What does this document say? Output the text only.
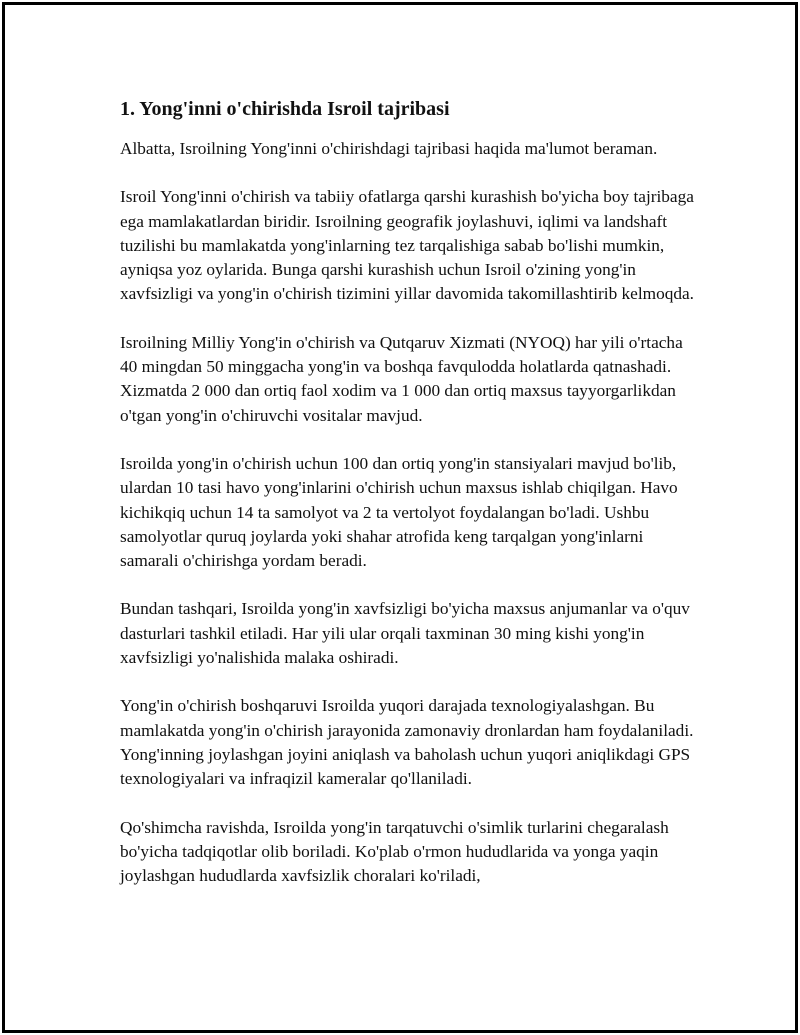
1. Yong'inni o'chirishda Isroil tajribasi

Albatta, Isroilning Yong'inni o'chirishdagi tajribasi haqida ma'lumot beraman.

Isroil Yong'inni o'chirish va tabiiy ofatlarga qarshi kurashish bo'yicha boy tajribaga ega mamlakatlardan biridir. Isroilning geografik joylashuvi, iqlimi va landshaft tuzilishi bu mamlakatda yong'inlarning tez tarqalishiga sabab bo'lishi mumkin, ayniqsa yoz oylarida. Bunga qarshi kurashish uchun Isroil o'zining yong'in xavfsizligi va yong'in o'chirish tizimini yillar davomida takomillashtirib kelmoqda.

Isroilning Milliy Yong'in o'chirish va Qutqaruv Xizmati (NYOQ) har yili o'rtacha 40 mingdan 50 minggacha yong'in va boshqa favqulodda holatlarda qatnashadi. Xizmatda 2 000 dan ortiq faol xodim va 1 000 dan ortiq maxsus tayyorgarlikdan o'tgan yong'in o'chiruvchi vositalar mavjud.

Isroilda yong'in o'chirish uchun 100 dan ortiq yong'in stansiyalari mavjud bo'lib, ulardan 10 tasi havo yong'inlarini o'chirish uchun maxsus ishlab chiqilgan. Havo kichikqiq uchun 14 ta samolyot va 2 ta vertolyot foydalangan bo'ladi. Ushbu samolyotlar quruq joylarda yoki shahar atrofida keng tarqalgan yong'inlarni samarali o'chirishga yordam beradi.

Bundan tashqari, Isroilda yong'in xavfsizligi bo'yicha maxsus anjumanlar va o'quv dasturlari tashkil etiladi. Har yili ular orqali taxminan 30 ming kishi yong'in xavfsizligi yo'nalishida malaka oshiradi.

Yong'in o'chirish boshqaruvi Isroilda yuqori darajada texnologiyalashgan. Bu mamlakatda yong'in o'chirish jarayonida zamonaviy dronlardan ham foydalaniladi. Yong'inning joylashgan joyini aniqlash va baholash uchun yuqori aniqlikdagi GPS texnologiyalari va infraqizil kameralar qo'llaniladi.

Qo'shimcha ravishda, Isroilda yong'in tarqatuvchi o'simlik turlarini chegaralash bo'yicha tadqiqotlar olib boriladi. Ko'plab o'rmon hududlarida va yonga yaqin joylashgan hududlarda xavfsizlik choralari ko'riladi,
